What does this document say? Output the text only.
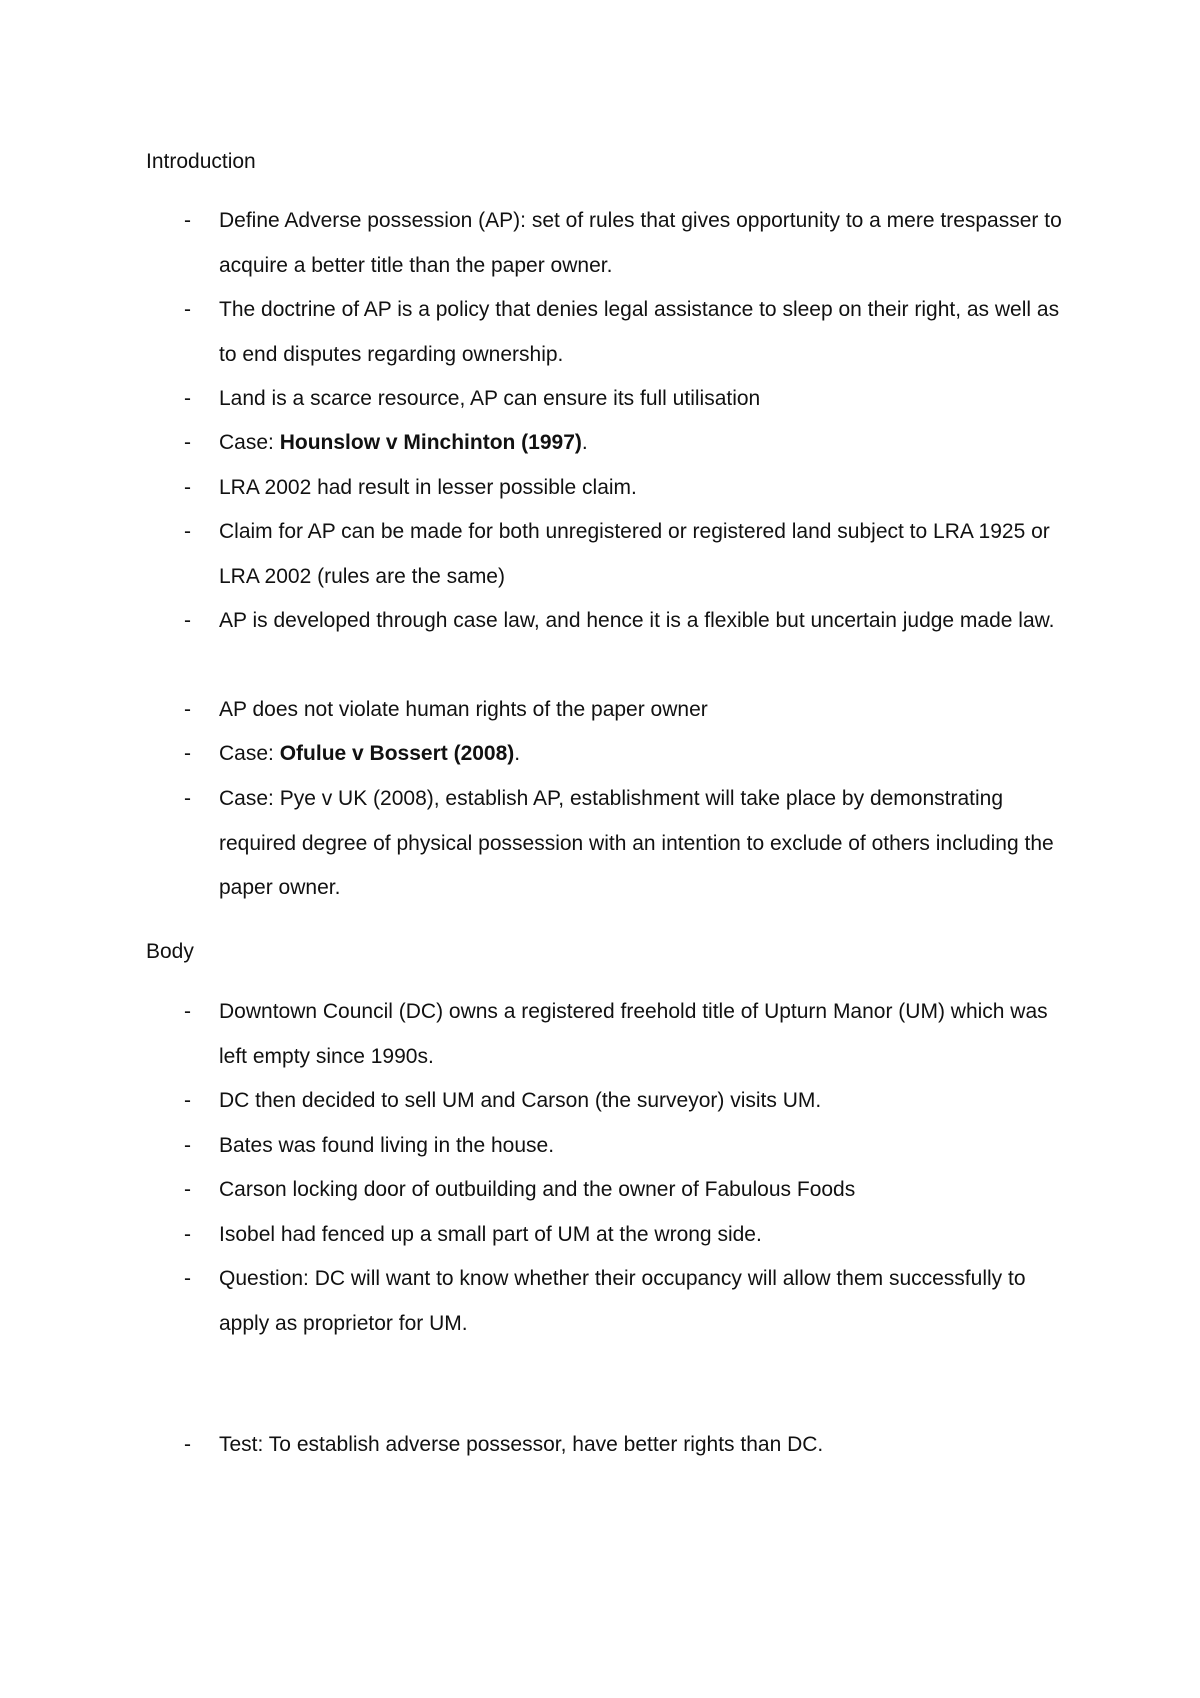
Introduction
- Define Adverse possession (AP): set of rules that gives opportunity to a mere trespasser to acquire a better title than the paper owner.
- The doctrine of AP is a policy that denies legal assistance to sleep on their right, as well as to end disputes regarding ownership.
- Land is a scarce resource, AP can ensure its full utilisation
- Case: Hounslow v Minchinton (1997).
- LRA 2002 had result in lesser possible claim.
- Claim for AP can be made for both unregistered or registered land subject to LRA 1925 or LRA 2002 (rules are the same)
- AP is developed through case law, and hence it is a flexible but uncertain judge made law.
- AP does not violate human rights of the paper owner
- Case: Ofulue v Bossert (2008).
- Case: Pye v UK (2008), establish AP, establishment will take place by demonstrating required degree of physical possession with an intention to exclude of others including the paper owner.
Body
- Downtown Council (DC) owns a registered freehold title of Upturn Manor (UM) which was left empty since 1990s.
- DC then decided to sell UM and Carson (the surveyor) visits UM.
- Bates was found living in the house.
- Carson locking door of outbuilding and the owner of Fabulous Foods
- Isobel had fenced up a small part of UM at the wrong side.
- Question: DC will want to know whether their occupancy will allow them successfully to apply as proprietor for UM.
- Test: To establish adverse possessor, have better rights than DC.
